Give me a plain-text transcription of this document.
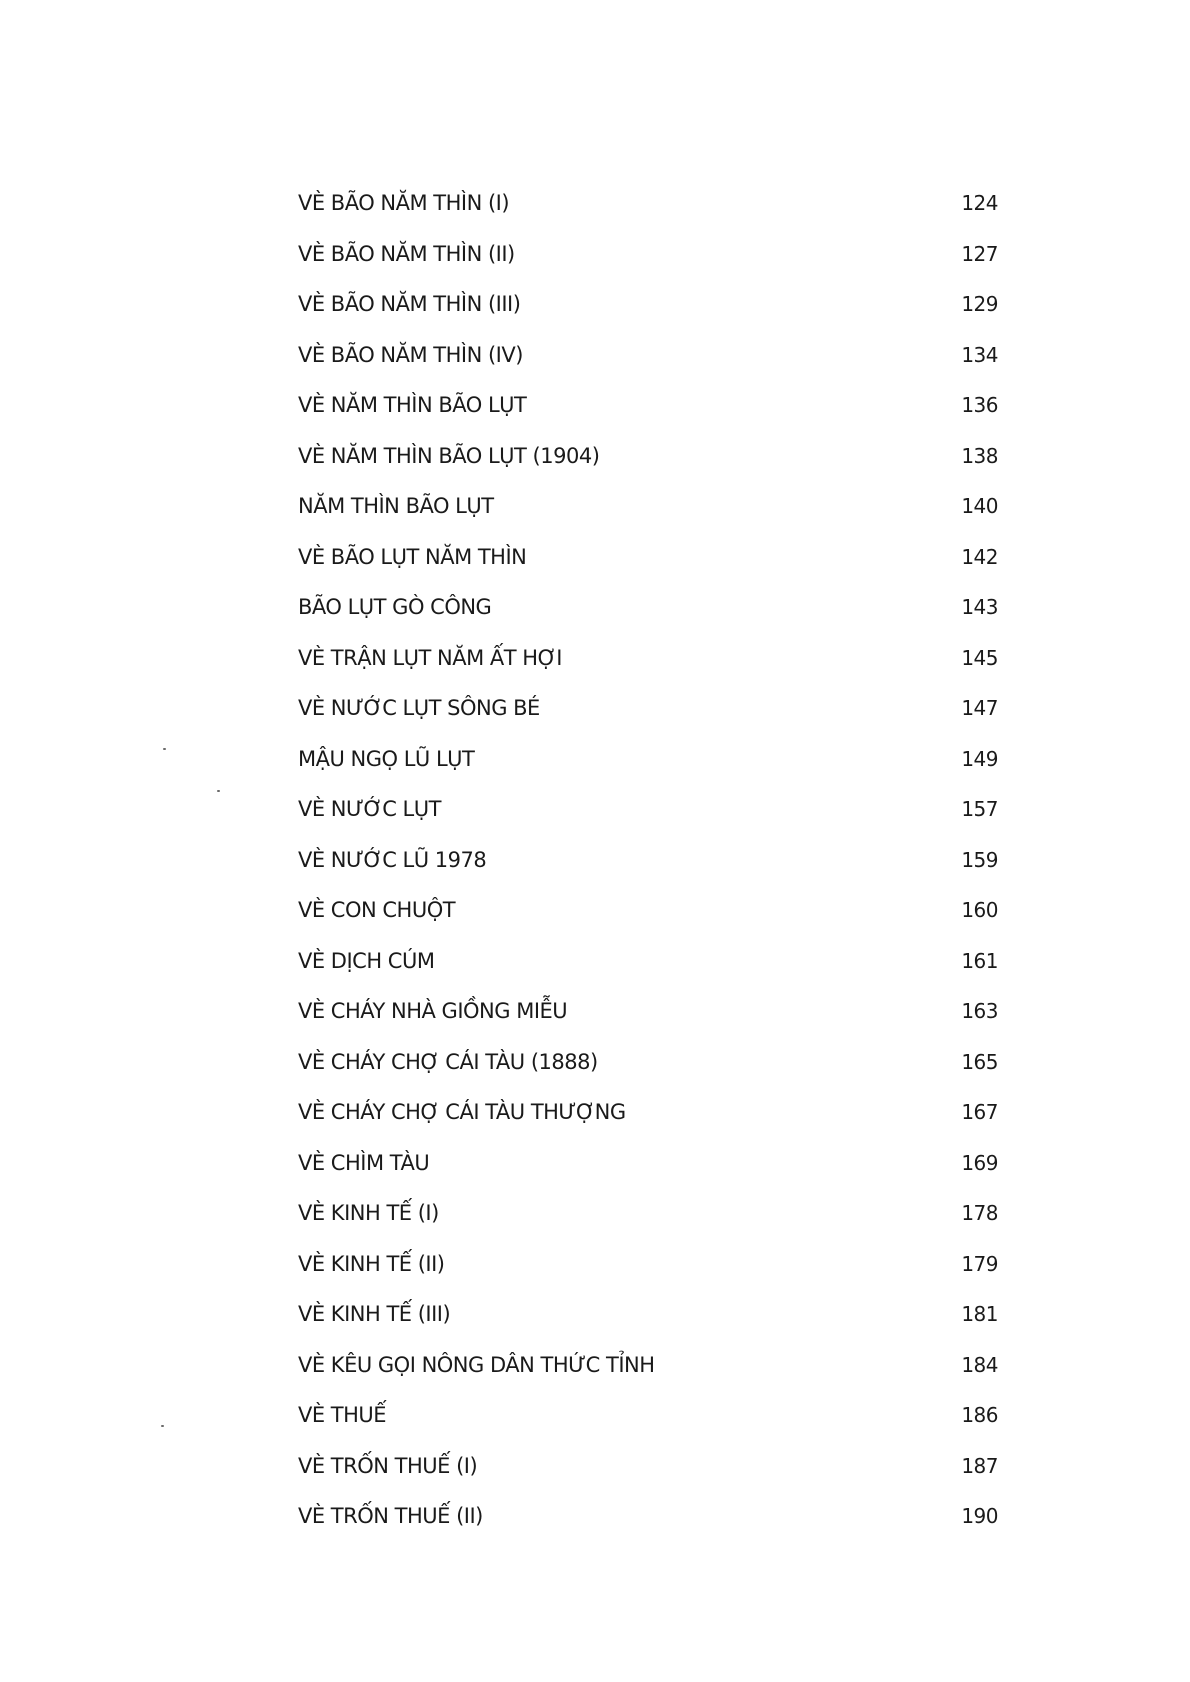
VÈ BÃO NĂM THÌN (I)	124
VÈ BÃO NĂM THÌN (II)	127
VÈ BÃO NĂM THÌN (III)	129
VÈ BÃO NĂM THÌN (IV)	134
VÈ NĂM THÌN BÃO LỤT	136
VÈ NĂM THÌN BÃO LỤT (1904)	138
NĂM THÌN BÃO LỤT	140
VÈ BÃO LỤT NĂM THÌN	142
BÃO LỤT GÒ CÔNG	143
VÈ TRẬN LỤT NĂM ẤT HỢI	145
VÈ NƯỚC LỤT SÔNG BÉ	147
MẬU NGỌ LŨ LỤT	149
VÈ NƯỚC LỤT	157
VÈ NƯỚC LŨ 1978	159
VÈ CON CHUỘT	160
VÈ DỊCH CÚM	161
VÈ CHÁY NHÀ GIỒNG MIỄU	163
VÈ CHÁY CHỢ CÁI TÀU (1888)	165
VÈ CHÁY CHỢ CÁI TÀU THƯỢNG	167
VÈ CHÌM TÀU	169
VÈ KINH TẾ (I)	178
VÈ KINH TẾ (II)	179
VÈ KINH TẾ (III)	181
VÈ KÊU GỌI NÔNG DÂN THỨC TỈNH	184
VÈ THUẾ	186
VÈ TRỐN THUẾ (I)	187
VÈ TRỐN THUẾ (II)	190
